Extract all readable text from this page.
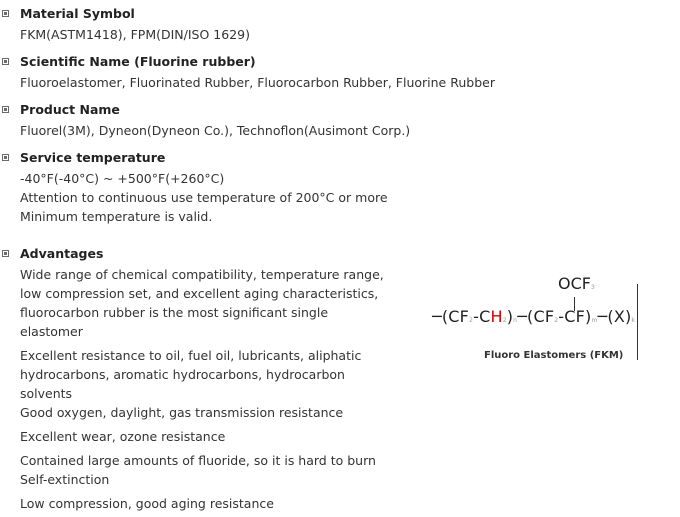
Material Symbol
FKM(ASTM1418), FPM(DIN/ISO 1629)
Scientific Name (Fluorine rubber)
Fluoroelastomer, Fluorinated Rubber, Fluorocarbon Rubber, Fluorine Rubber
Product Name
Fluorel(3M), Dyneon(Dyneon Co.), Technoflon(Ausimont Corp.)
Service temperature
-40°F(-40°C) ~ +500°F(+260°C)
Attention to continuous use temperature of 200°C or more
Minimum temperature is valid.
Advantages
Wide range of chemical compatibility, temperature range,
low compression set, and excellent aging characteristics,
fluorocarbon rubber is the most significant single
elastomer
Excellent resistance to oil, fuel oil, lubricants, aliphatic
hydrocarbons, aromatic hydrocarbons, hydrocarbon
solvents
Good oxygen, daylight, gas transmission resistance
Excellent wear, ozone resistance
Contained large amounts of fluoride, so it is hard to burn
Self-extinction
Low compression, good aging resistance
OCF3
─(CF2-CH2)n─(CF2-CF)m─(X)k
Fluoro Elastomers (FKM)
